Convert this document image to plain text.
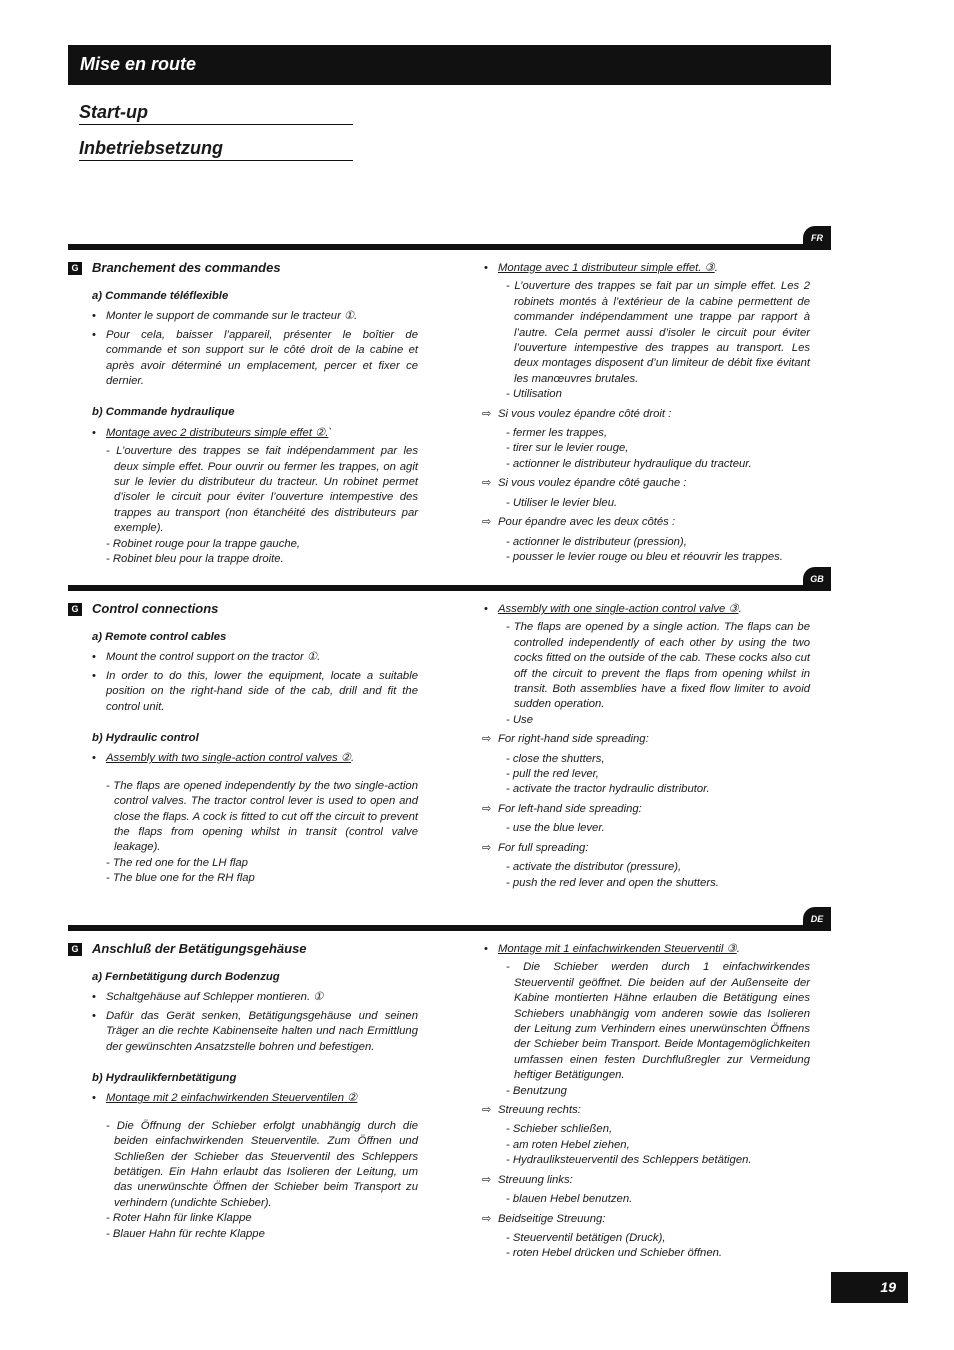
Mise en route
Start-up
Inbetriebsetzung
FR
G Branchement des commandes
a) Commande téléflexible
• Monter le support de commande sur le tracteur ①.
• Pour cela, baisser l’appareil, présenter le boîtier de commande et son support sur le côté droit de la cabine et après avoir déterminé un emplacement, percer et fixer ce dernier.
b) Commande hydraulique
• Montage avec 2 distributeurs simple effet ②.`
- L’ouverture des trappes se fait indépendamment par les deux simple effet. Pour ouvrir ou fermer les trappes, on agit sur le levier du distributeur du tracteur. Un robinet permet d’isoler le circuit pour éviter l’ouverture intempestive des trappes au transport (non étanchéité des distributeurs par exemple).
- Robinet rouge pour la trappe gauche,
- Robinet bleu pour la trappe droite.
• Montage avec 1 distributeur simple effet. ③.
- L’ouverture des trappes se fait par un simple effet. Les 2 robinets montés à l’extérieur de la cabine permettent de commander indépendamment une trappe par rapport à l’autre. Cela permet aussi d’isoler le circuit pour éviter l’ouverture intempestive des trappes au transport. Les deux montages disposent d’un limiteur de débit fixe évitant les manœuvres brutales.
- Utilisation
⇨ Si vous voulez épandre côté droit :
- fermer les trappes,
- tirer sur le levier rouge,
- actionner le distributeur hydraulique du tracteur.
⇨ Si vous voulez épandre côté gauche :
- Utiliser le levier bleu.
⇨ Pour épandre avec les deux côtés :
- actionner le distributeur (pression),
- pousser le levier rouge ou bleu et réouvrir les trappes.
GB
G Control connections
a) Remote control cables
• Mount the control support on the tractor ①.
• In order to do this, lower the equipment, locate a suitable position on the right-hand side of the cab, drill and fit the control unit.
b) Hydraulic control
• Assembly with two single-action control valves ②.
- The flaps are opened independently by the two single-action control valves. The tractor control lever is used to open and close the flaps. A cock is fitted to cut off the circuit to prevent the flaps from opening whilst in transit (control valve leakage).
- The red one for the LH flap
- The blue one for the RH flap
• Assembly with one single-action control valve ③.
- The flaps are opened by a single action. The flaps can be controlled independently of each other by using the two cocks fitted on the outside of the cab. These cocks also cut off the circuit to prevent the flaps from opening whilst in transit. Both assemblies have a fixed flow limiter to avoid sudden operation.
- Use
⇨ For right-hand side spreading:
- close the shutters,
- pull the red lever,
- activate the tractor hydraulic distributor.
⇨ For left-hand side spreading:
- use the blue lever.
⇨ For full spreading:
- activate the distributor (pressure),
- push the red lever and open the shutters.
DE
G Anschluß der Betätigungsgehäuse
a) Fernbetätigung durch Bodenzug
• Schaltgehäuse auf Schlepper montieren. ①
• Dafür das Gerät senken, Betätigungsgehäuse und seinen Träger an die rechte Kabinenseite halten und nach Ermittlung der gewünschten Ansatzstelle bohren und befestigen.
b) Hydraulikfernbetätigung
• Montage mit 2 einfachwirkenden Steuerventilen ②
- Die Öffnung der Schieber erfolgt unabhängig durch die beiden einfachwirkenden Steuerventile. Zum Öffnen und Schließen der Schieber das Steuerventil des Schleppers betätigen. Ein Hahn erlaubt das Isolieren der Leitung, um das unerwünschte Öffnen der Schieber beim Transport zu verhindern (undichte Schieber).
- Roter Hahn für linke Klappe
- Blauer Hahn für rechte Klappe
• Montage mit 1 einfachwirkenden Steuerventil ③.
- Die Schieber werden durch 1 einfachwirkendes Steuerventil geöffnet. Die beiden auf der Außenseite der Kabine montierten Hähne erlauben die Betätigung eines Schiebers unabhängig vom anderen sowie das Isolieren der Leitung zum Verhindern eines unerwünschten Öffnens der Schieber beim Transport. Beide Montagemöglichkeiten umfassen einen festen Durchflußregler zur Vermeidung heftiger Betätigungen.
- Benutzung
⇨ Streuung rechts:
- Schieber schließen,
- am roten Hebel ziehen,
- Hydrauliksteuerventil des Schleppers betätigen.
⇨ Streuung links:
- blauen Hebel benutzen.
⇨ Beidseitige Streuung:
- Steuerventil betätigen (Druck),
- roten Hebel drücken und Schieber öffnen.
19
